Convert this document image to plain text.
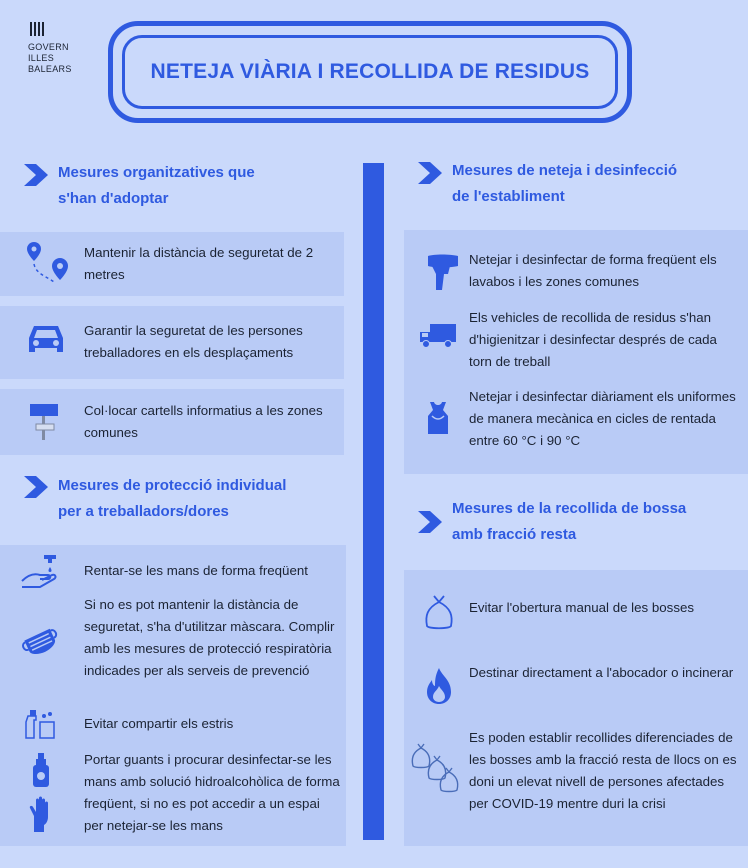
GOVERN
ILLES
BALEARS	NETEJA VIÀRIA I RECOLLIDA DE RESIDUS
Mesures organitzatives que
s'han d'adoptar
Mantenir la distància de seguretat de 2 metres
Garantir la seguretat de les persones treballadores en els desplaçaments
Col·locar cartells informatius a les zones comunes
Mesures de protecció individual
per a treballadors/dores
Rentar-se les mans de forma freqüent
Si no es pot mantenir la distància de seguretat, s'ha d'utilitzar màscara. Complir amb les mesures de protecció respiratòria indicades per als serveis de prevenció
Evitar compartir els estris
Portar guants i procurar desinfectar-se les mans amb solució hidroalcohòlica de forma freqüent, si no es pot accedir a un espai per netejar-se les mans
Mesures de neteja i desinfecció
de l'establiment
Netejar i desinfectar de forma freqüent els lavabos i les zones comunes
Els vehicles de recollida de residus s'han d'higienitzar i desinfectar després de cada torn de treball
Netejar i desinfectar diàriament els uniformes de manera mecànica en cicles de rentada entre 60 °C i 90 °C
Mesures de la recollida de bossa
amb fracció resta
Evitar l'obertura manual de les bosses
Destinar directament a l'abocador o incinerar
Es poden establir recollides diferenciades de les bosses amb la fracció resta de llocs on es doni un elevat nivell de persones afectades per COVID-19 mentre duri la crisi
